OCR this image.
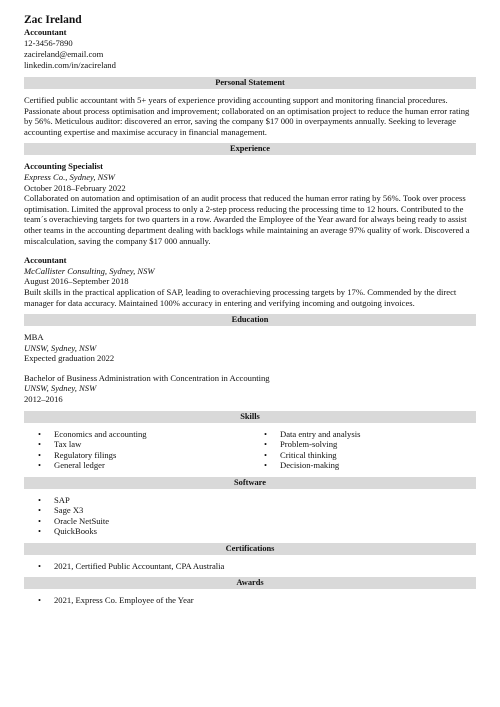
Zac Ireland
Accountant
12-3456-7890
zacireland@email.com
linkedin.com/in/zacireland
Personal Statement

Certified public accountant with 5+ years of experience providing accounting support and monitoring financial procedures. Passionate about process optimisation and improvement; collaborated on an optimisation project to reduce the human error rating by 56%. Meticulous auditor: discovered an error, saving the company $17 000 in overpayments annually. Seeking to leverage accounting expertise and maximise accuracy in financial management.

Experience
Accounting Specialist
Express Co., Sydney, NSW
October 2018–February 2022

Collaborated on automation and optimisation of an audit process that reduced the human error rating by 56%. Took over process optimisation. Limited the approval process to only a 2-step process reducing the processing time to 12 hours. Contributed to the team´s overachieving targets for two quarters in a row. Awarded the Employee of the Year award for always being ready to assist other teams in the accounting department dealing with backlogs while maintaining an average 97% quality of work. Discovered a miscalculation, saving the company $17 000 annually.

Accountant
McCallister Consulting, Sydney, NSW
August 2016–September 2018

Built skills in the practical application of SAP, leading to overachieving processing targets by 17%. Commended by the direct manager for data accuracy. Maintained 100% accuracy in entering and verifying incoming and outgoing invoices.

Education
MBA
UNSW, Sydney, NSW
Expected graduation 2022
Bachelor of Business Administration with Concentration in Accounting
UNSW, Sydney, NSW
2012–2016
Skills
• Economics and accounting
• Tax law
• Regulatory filings
• General ledger
• Data entry and analysis
• Problem-solving
• Critical thinking
• Decision-making
Software
• SAP
• Sage X3
• Oracle NetSuite
• QuickBooks
Certifications
• 2021, Certified Public Accountant, CPA Australia
Awards
• 2021, Express Co. Employee of the Year
